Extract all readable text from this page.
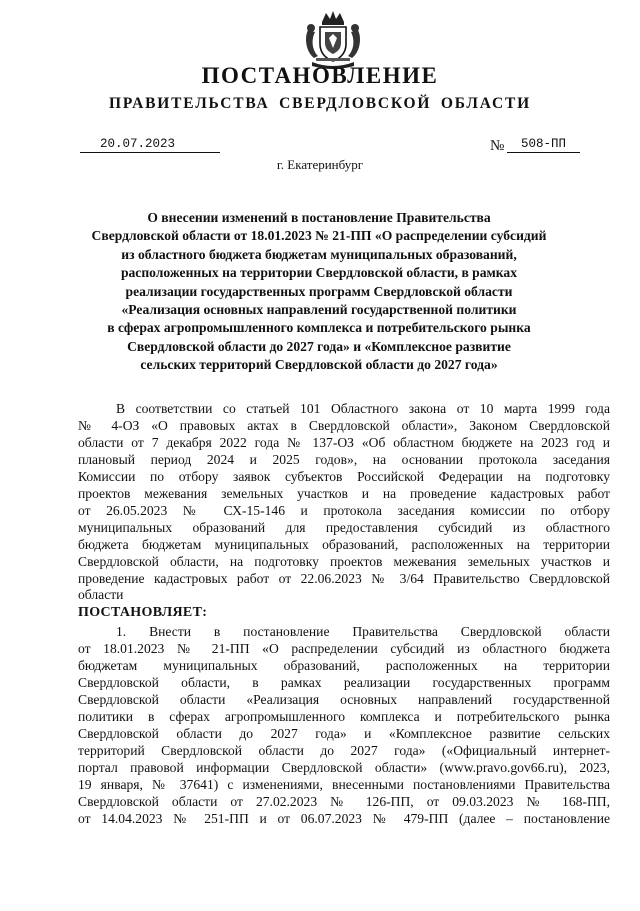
ПОСТАНОВЛЕНИЕ
ПРАВИТЕЛЬСТВА СВЕРДЛОВСКОЙ ОБЛАСТИ
20.07.2023	№	508-ПП
г. Екатеринбург
О внесении изменений в постановление Правительства
Свердловской области от 18.01.2023 № 21-ПП «О распределении субсидий
из областного бюджета бюджетам муниципальных образований,
расположенных на территории Свердловской области, в рамках
реализации государственных программ Свердловской области
«Реализация основных направлений государственной политики
в сферах агропромышленного комплекса и потребительского рынка
Свердловской области до 2027 года» и «Комплексное развитие
сельских территорий Свердловской области до 2027 года»
В соответствии со статьей 101 Областного закона от 10 марта 1999 года
№ 4-ОЗ «О правовых актах в Свердловской области», Законом Свердловской
области от 7 декабря 2022 года № 137-ОЗ «Об областном бюджете на 2023 год и
плановый период 2024 и 2025 годов», на основании протокола заседания
Комиссии по отбору заявок субъектов Российской Федерации на подготовку
проектов межевания земельных участков и на проведение кадастровых работ
от 26.05.2023 № СХ-15-146 и протокола заседания комиссии по отбору
муниципальных образований для предоставления субсидий из областного
бюджета бюджетам муниципальных образований, расположенных на территории
Свердловской области, на подготовку проектов межевания земельных участков и
проведение кадастровых работ от 22.06.2023 № 3/64 Правительство Свердловской
области
ПОСТАНОВЛЯЕТ:
1. Внести в постановление Правительства Свердловской области
от 18.01.2023 № 21-ПП «О распределении субсидий из областного бюджета
бюджетам муниципальных образований, расположенных на территории
Свердловской области, в рамках реализации государственных программ
Свердловской области «Реализация основных направлений государственной
политики в сферах агропромышленного комплекса и потребительского рынка
Свердловской области до 2027 года» и «Комплексное развитие сельских
территорий Свердловской области до 2027 года» («Официальный интернет-
портал правовой информации Свердловской области» (www.pravo.gov66.ru), 2023,
19 января, № 37641) с изменениями, внесенными постановлениями Правительства
Свердловской области от 27.02.2023 № 126-ПП, от 09.03.2023 № 168-ПП,
от 14.04.2023 № 251-ПП и от 06.07.2023 № 479-ПП (далее – постановление
